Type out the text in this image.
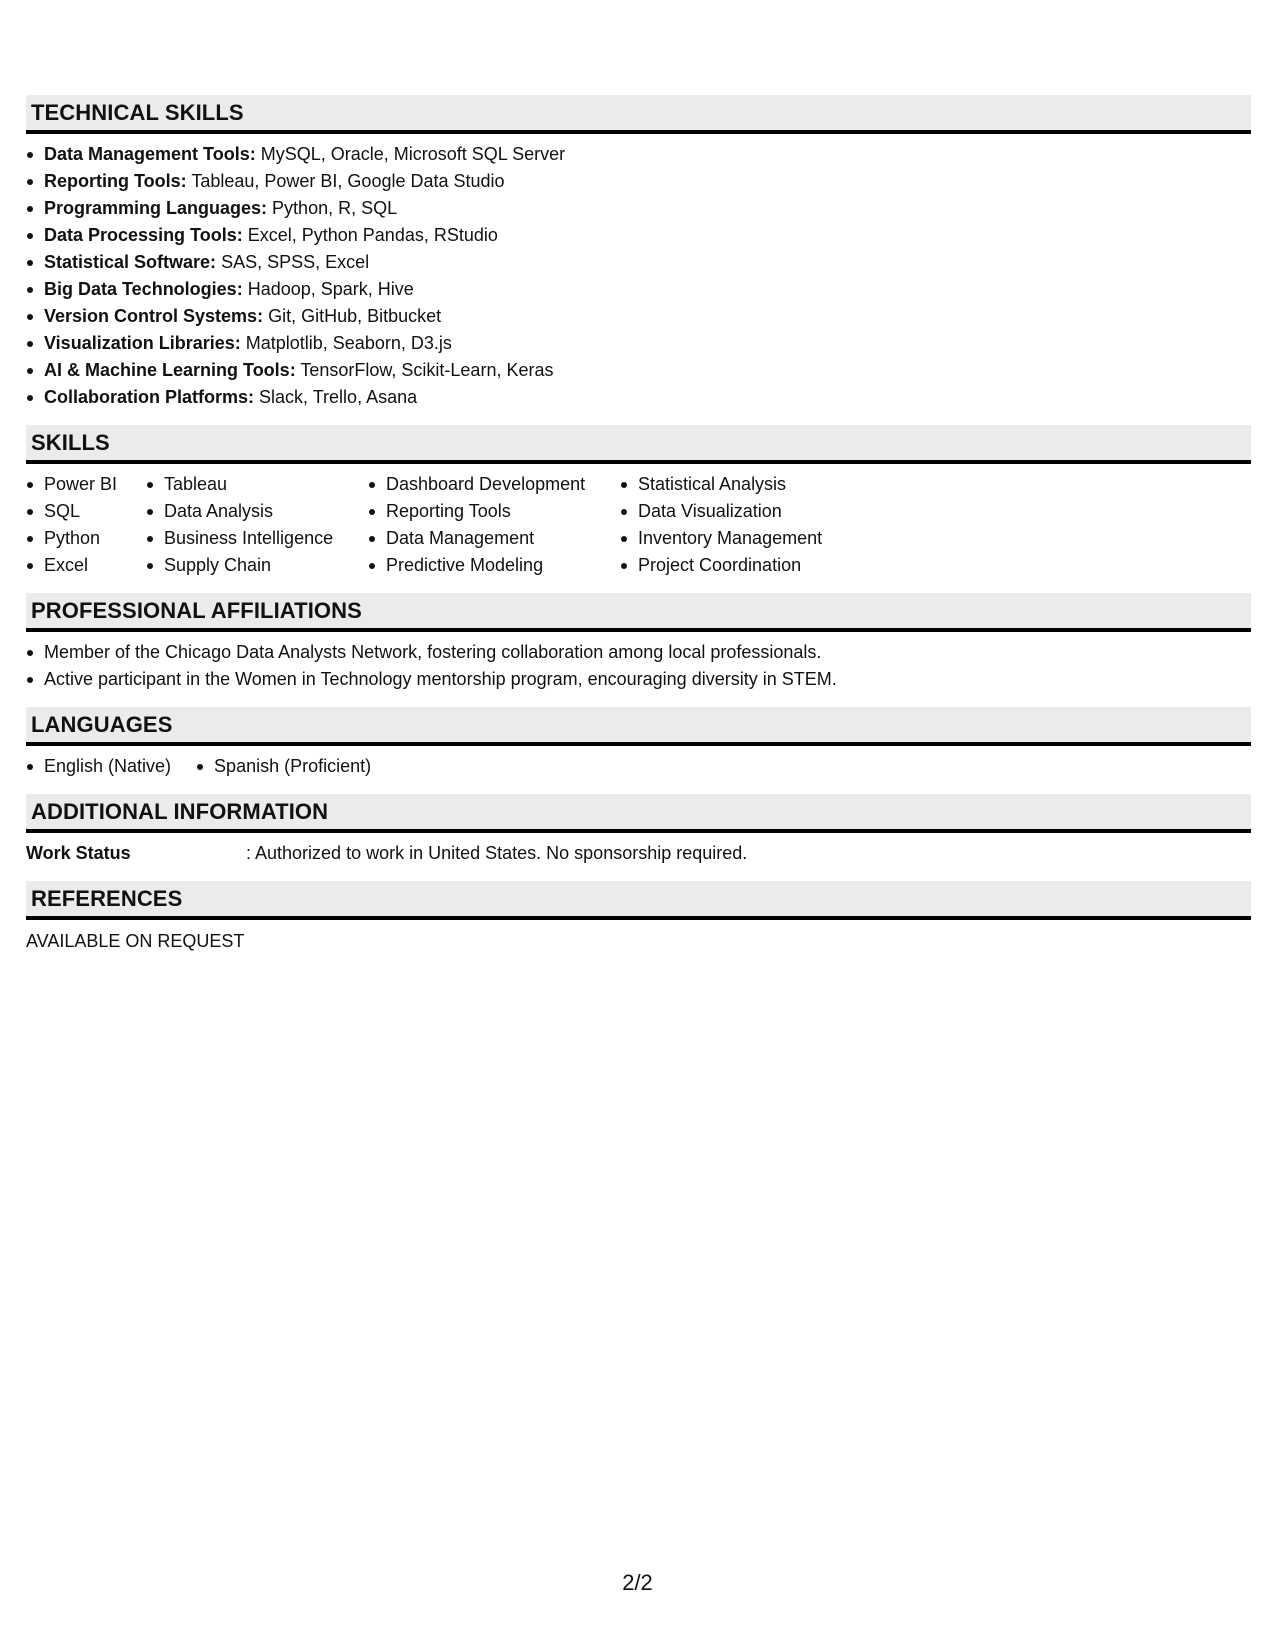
TECHNICAL SKILLS
Data Management Tools: MySQL, Oracle, Microsoft SQL Server
Reporting Tools: Tableau, Power BI, Google Data Studio
Programming Languages: Python, R, SQL
Data Processing Tools: Excel, Python Pandas, RStudio
Statistical Software: SAS, SPSS, Excel
Big Data Technologies: Hadoop, Spark, Hive
Version Control Systems: Git, GitHub, Bitbucket
Visualization Libraries: Matplotlib, Seaborn, D3.js
AI & Machine Learning Tools: TensorFlow, Scikit-Learn, Keras
Collaboration Platforms: Slack, Trello, Asana
SKILLS
Power BI
SQL
Python
Excel
Tableau
Data Analysis
Business Intelligence
Supply Chain
Dashboard Development
Reporting Tools
Data Management
Predictive Modeling
Statistical Analysis
Data Visualization
Inventory Management
Project Coordination
PROFESSIONAL AFFILIATIONS
Member of the Chicago Data Analysts Network, fostering collaboration among local professionals.
Active participant in the Women in Technology mentorship program, encouraging diversity in STEM.
LANGUAGES
English (Native)	Spanish (Proficient)
ADDITIONAL INFORMATION
Work Status	: Authorized to work in United States. No sponsorship required.
REFERENCES
AVAILABLE ON REQUEST
2/2
